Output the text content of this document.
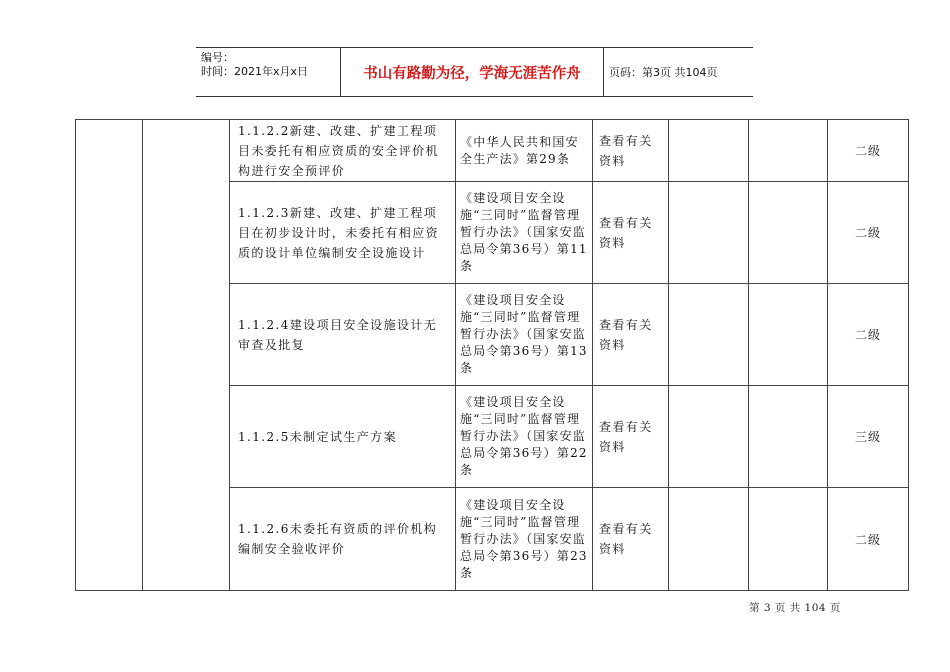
编号：
时间：2021年x月x日	书山有路勤为径，学海无涯苦作舟	页码：第3页 共104页
		1.1.2.2新建、改建、扩建工程项目未委托有相应资质的安全评价机构进行安全预评价	《中华人民共和国安全生产法》第29条	查看有关资料			二级
		1.1.2.3新建、改建、扩建工程项目在初步设计时，未委托有相应资质的设计单位编制安全设施设计	《建设项目安全设施“三同时”监督管理暂行办法》（国家安监总局令第36号）第11条	查看有关资料			二级
		1.1.2.4建设项目安全设施设计无审查及批复	《建设项目安全设施“三同时”监督管理暂行办法》（国家安监总局令第36号）第13条	查看有关资料			二级
		1.1.2.5未制定试生产方案	《建设项目安全设施“三同时”监督管理暂行办法》（国家安监总局令第36号）第22条	查看有关资料			三级
		1.1.2.6未委托有资质的评价机构编制安全验收评价	《建设项目安全设施“三同时”监督管理暂行办法》（国家安监总局令第36号）第23条	查看有关资料			二级
第 3 页 共 104 页
